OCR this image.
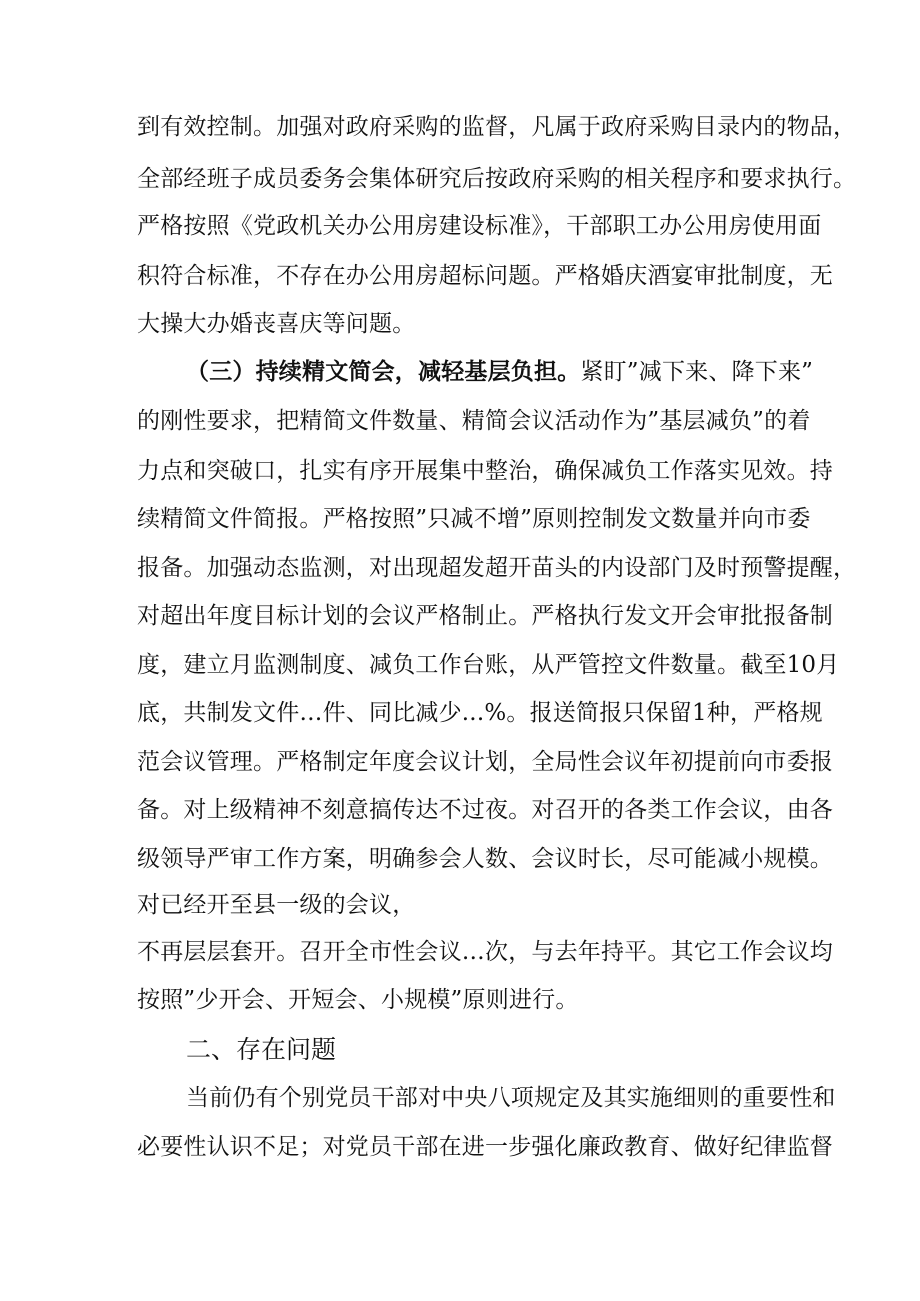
到有效控制。加强对政府采购的监督，凡属于政府采购目录内的物品，
全部经班子成员委务会集体研究后按政府采购的相关程序和要求执行。
严格按照《党政机关办公用房建设标准》，干部职工办公用房使用面
积符合标准，不存在办公用房超标问题。严格婚庆酒宴审批制度，无
大操大办婚丧喜庆等问题。
（三）持续精文简会，减轻基层负担。紧盯”减下来、降下来”
的刚性要求，把精简文件数量、精简会议活动作为”基层减负”的着
力点和突破口，扎实有序开展集中整治，确保减负工作落实见效。持
续精简文件简报。严格按照”只减不增”原则控制发文数量并向市委
报备。加强动态监测，对出现超发超开苗头的内设部门及时预警提醒，
对超出年度目标计划的会议严格制止。严格执行发文开会审批报备制
度，建立月监测制度、减负工作台账，从严管控文件数量。截至10月
底，共制发文件…件、同比减少...%。报送简报只保留1种，严格规
范会议管理。严格制定年度会议计划，全局性会议年初提前向市委报
备。对上级精神不刻意搞传达不过夜。对召开的各类工作会议，由各
级领导严审工作方案，明确参会人数、会议时长，尽可能减小规模。
对已经开至县一级的会议，
不再层层套开。召开全市性会议…次，与去年持平。其它工作会议均
按照”少开会、开短会、小规模”原则进行。
二、存在问题
当前仍有个别党员干部对中央八项规定及其实施细则的重要性和
必要性认识不足；对党员干部在进一步强化廉政教育、做好纪律监督
